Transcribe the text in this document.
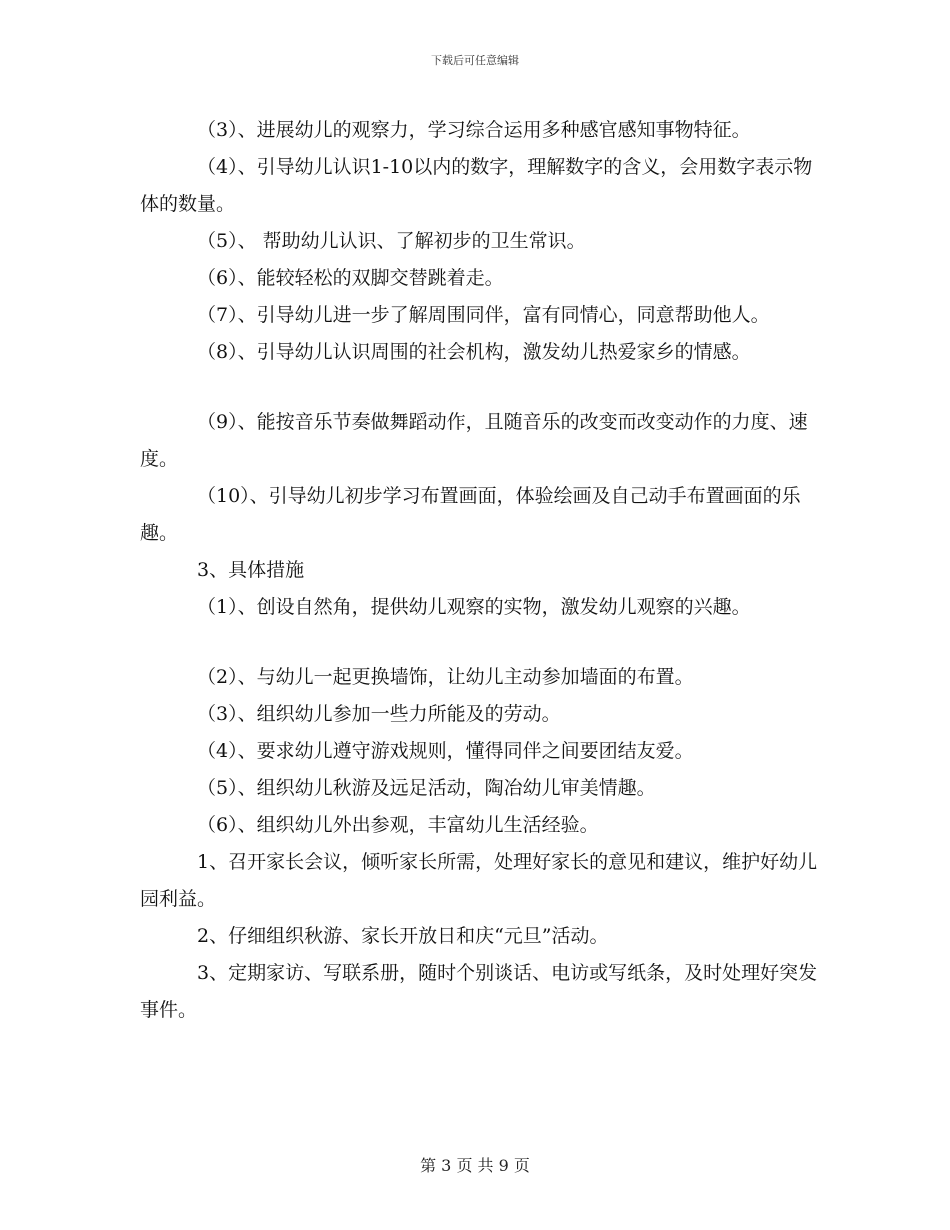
下载后可任意编辑

（3）、进展幼儿的观察力，学习综合运用多种感官感知事物特征。

（4）、引导幼儿认识1-10以内的数字，理解数字的含义，会用数字表示物体的数量。

（5）、 帮助幼儿认识、了解初步的卫生常识。

（6）、能较轻松的双脚交替跳着走。

（7）、引导幼儿进一步了解周围同伴，富有同情心，同意帮助他人。

（8）、引导幼儿认识周围的社会机构，激发幼儿热爱家乡的情感。

（9）、能按音乐节奏做舞蹈动作，且随音乐的改变而改变动作的力度、速度。

（10）、引导幼儿初步学习布置画面，体验绘画及自己动手布置画面的乐 趣。

3、具体措施

（1）、创设自然角，提供幼儿观察的实物，激发幼儿观察的兴趣。

（2）、与幼儿一起更换墙饰，让幼儿主动参加墙面的布置。

（3）、组织幼儿参加一些力所能及的劳动。

（4）、要求幼儿遵守游戏规则，懂得同伴之间要团结友爱。

（5）、组织幼儿秋游及远足活动，陶冶幼儿审美情趣。

（6）、组织幼儿外出参观，丰富幼儿生活经验。

1、召开家长会议，倾听家长所需，处理好家长的意见和建议，维护好幼儿园利益。

2、仔细组织秋游、家长开放日和庆“元旦”活动。

3、定期家访、写联系册，随时个别谈话、电访或写纸条，及时处理好突发事件。

第 3 页 共 9 页
